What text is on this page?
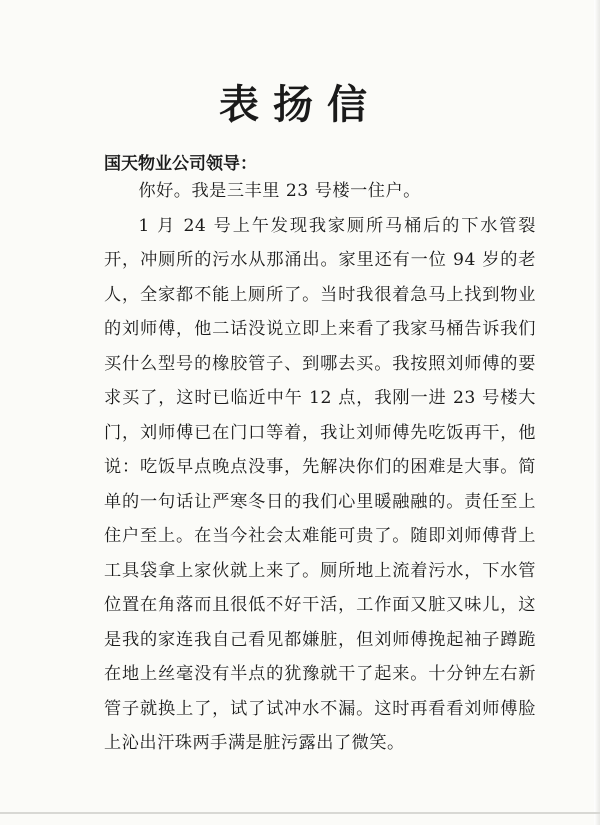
表扬信
国天物业公司领导：

你好。我是三丰里 23 号楼一住户。

1 月 24 号上午发现我家厕所马桶后的下水管裂开，冲厕所的污水从那涌出。家里还有一位 94 岁的老人，全家都不能上厕所了。当时我很着急马上找到物业的刘师傅，他二话没说立即上来看了我家马桶告诉我们买什么型号的橡胶管子、到哪去买。我按照刘师傅的要求买了，这时已临近中午 12 点，我刚一进 23 号楼大门，刘师傅已在门口等着，我让刘师傅先吃饭再干，他说：吃饭早点晚点没事，先解决你们的困难是大事。简单的一句话让严寒冬日的我们心里暖融融的。责任至上住户至上。在当今社会太难能可贵了。随即刘师傅背上工具袋拿上家伙就上来了。厕所地上流着污水，下水管位置在角落而且很低不好干活，工作面又脏又味儿，这是我的家连我自己看见都嫌脏，但刘师傅挽起袖子蹲跪在地上丝毫没有半点的犹豫就干了起来。十分钟左右新管子就换上了，试了试冲水不漏。这时再看看刘师傅脸上沁出汗珠两手满是脏污露出了微笑。
